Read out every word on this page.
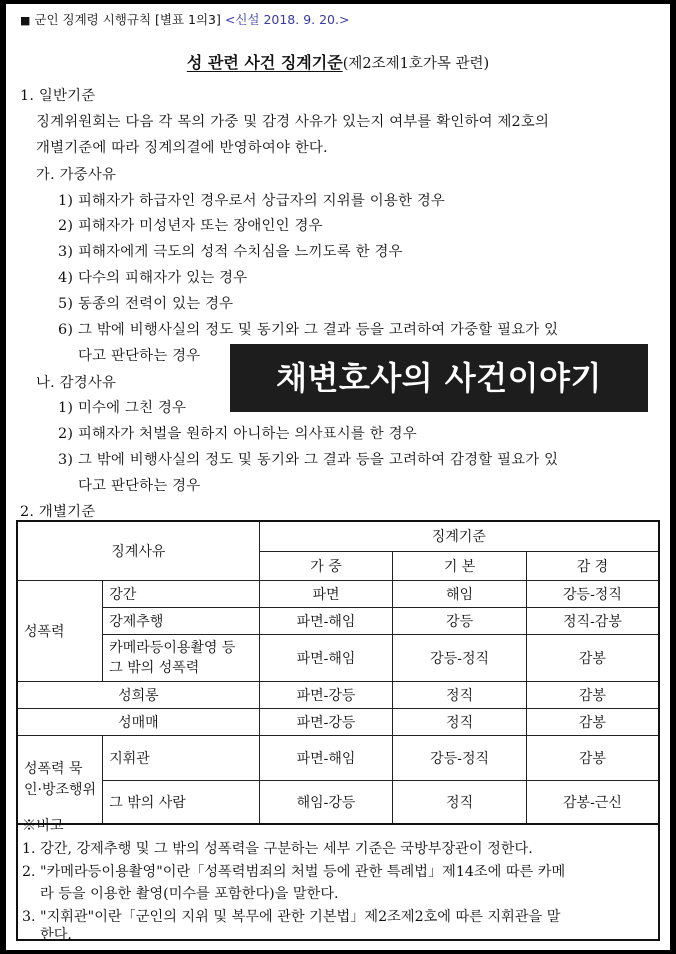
■ 군인 징계령 시행규칙 [별표 1의3] <신설 2018. 9. 20.>
성 관련 사건 징계기준(제2조제1호가목 관련)
1. 일반기준
징계위원회는 다음 각 목의 가중 및 감경 사유가 있는지 여부를 확인하여 제2호의
개별기준에 따라 징계의결에 반영하여야 한다.
가. 가중사유
1) 피해자가 하급자인 경우로서 상급자의 지위를 이용한 경우
2) 피해자가 미성년자 또는 장애인인 경우
3) 피해자에게 극도의 성적 수치심을 느끼도록 한 경우
4) 다수의 피해자가 있는 경우
5) 동종의 전력이 있는 경우
6) 그 밖에 비행사실의 정도 및 동기와 그 결과 등을 고려하여 가중할 필요가 있
다고 판단하는 경우
나. 감경사유
1) 미수에 그친 경우
2) 피해자가 처벌을 원하지 아니하는 의사표시를 한 경우
3) 그 밖에 비행사실의 정도 및 동기와 그 결과 등을 고려하여 감경할 필요가 있
다고 판단하는 경우
채변호사의 사건이야기
2. 개별기준
징계사유		징계기준		
		가 중	기 본	감 경
성폭력	강간	파면	해임	강등-정직
	강제추행	파면-해임	강등	정직-감봉

	카메라등이용촬영 등
그 밖의 성폭력	파면-해임	강등-정직	감봉
성희롱		파면-강등	정직	감봉
성매매		파면-강등	정직	감봉

성폭력 묵
인·방조행위	지휘관	파면-해임	강등-정직	감봉
	그 밖의 사람	해임-강등	정직	감봉-근신
※비고
1. 강간, 강제추행 및 그 밖의 성폭력을 구분하는 세부 기준은 국방부장관이 정한다.
2. "카메라등이용촬영"이란「성폭력범죄의 처벌 등에 관한 특례법」제14조에 따른 카메
라 등을 이용한 촬영(미수를 포함한다)을 말한다.
3. "지휘관"이란「군인의 지위 및 복무에 관한 기본법」제2조제2호에 따른 지휘관을 말
한다.
